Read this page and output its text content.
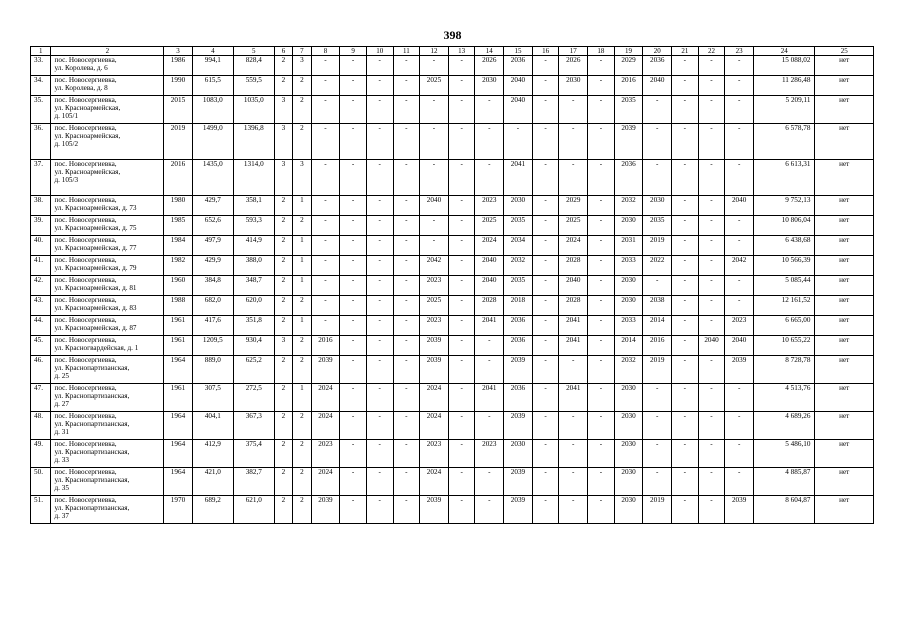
398
1	2	3	4	5	6	7	8	9	10	11	12	13	14	15	16	17	18	19	20	21	22	23	24	25
33.	пос. Новосергиевка,
ул. Королева, д. 6	1986	994,1	828,4	2	3	-	-	-	-	-	-	2026	2036	-	2026	-	2029	2036	-	-	-	15 088,02	нет
34.	пос. Новосергиевка,
ул. Королева, д. 8	1990	615,5	559,5	2	2	-	-	-	-	2025	-	2030	2040	-	2030	-	2016	2040	-	-	-	11 286,48	нет
35.	пос. Новосергиевка,
ул. Красноармейская,
д. 105/1	2015	1083,0	1035,0	3	2	-	-	-	-	-	-	-	2040	-	-	-	2035	-	-	-	-	5 209,11	нет
36.	пос. Новосергиевка,
ул. Красноармейская,
д. 105/2	2019	1499,0	1396,8	3	2	-	-	-	-	-	-	-	-	-	-	-	2039	-	-	-	-	6 578,78	нет
37.	пос. Новосергиевка,
ул. Красноармейская,
д. 105/3	2016	1435,0	1314,0	3	3	-	-	-	-	-	-	-	2041	-	-	-	2036	-	-	-	-	6 613,31	нет
38.	пос. Новосергиевка,
ул. Красноармейская, д. 73	1980	429,7	358,1	2	1	-	-	-	-	2040	-	2023	2030	-	2029	-	2032	2030	-	-	2040	9 752,13	нет
39.	пос. Новосергиевка,
ул. Красноармейская, д. 75	1985	652,6	593,3	2	2	-	-	-	-	-	-	2025	2035	-	2025	-	2030	2035	-	-	-	10 806,04	нет
40.	пос. Новосергиевка,
ул. Красноармейская, д. 77	1984	497,9	414,9	2	1	-	-	-	-	-	-	2024	2034	-	2024	-	2031	2019	-	-	-	6 438,68	нет
41.	пос. Новосергиевка,
ул. Красноармейская, д. 79	1982	429,9	388,0	2	1	-	-	-	-	2042	-	2040	2032	-	2028	-	2033	2022	-	-	2042	10 566,39	нет
42.	пос. Новосергиевка,
ул. Красноармейская, д. 81	1960	384,8	348,7	2	1	-	-	-	-	2023	-	2040	2035	-	2040	-	2030	-	-	-	-	5 085,44	нет
43.	пос. Новосергиевка,
ул. Красноармейская, д. 83	1988	682,0	620,0	2	2	-	-	-	-	2025	-	2028	2018	-	2028	-	2030	2038	-	-	-	12 161,52	нет
44.	пос. Новосергиевка,
ул. Красноармейская, д. 87	1961	417,6	351,8	2	1	-	-	-	-	2023	-	2041	2036	-	2041	-	2033	2014	-	-	2023	6 665,00	нет
45.	пос. Новосергиевка,
ул. Красногвардейская, д. 1	1961	1209,5	930,4	3	2	2016	-	-	-	2039	-	-	2036	-	2041	-	2014	2016	-	2040	2040	10 655,22	нет
46.	пос. Новосергиевка,
ул. Краснопартизанская,
д. 25	1964	889,0	625,2	2	2	2039	-	-	-	2039	-	-	2039	-	-	-	2032	2019	-	-	2039	8 728,78	нет
47.	пос. Новосергиевка,
ул. Краснопартизанская,
д. 27	1961	307,5	272,5	2	1	2024	-	-	-	2024	-	2041	2036	-	2041	-	2030	-	-	-	-	4 513,76	нет
48.	пос. Новосергиевка,
ул. Краснопартизанская,
д. 31	1964	404,1	367,3	2	2	2024	-	-	-	2024	-	-	2039	-	-	-	2030	-	-	-	-	4 689,26	нет
49.	пос. Новосергиевка,
ул. Краснопартизанская,
д. 33	1964	412,9	375,4	2	2	2023	-	-	-	2023	-	2023	2030	-	-	-	2030	-	-	-	-	5 486,10	нет
50.	пос. Новосергиевка,
ул. Краснопартизанская,
д. 35	1964	421,0	382,7	2	2	2024	-	-	-	2024	-	-	2039	-	-	-	2030	-	-	-	-	4 885,87	нет
51.	пос. Новосергиевка,
ул. Краснопартизанская,
д. 37	1970	689,2	621,0	2	2	2039	-	-	-	2039	-	-	2039	-	-	-	2030	2019	-	-	2039	8 604,87	нет
